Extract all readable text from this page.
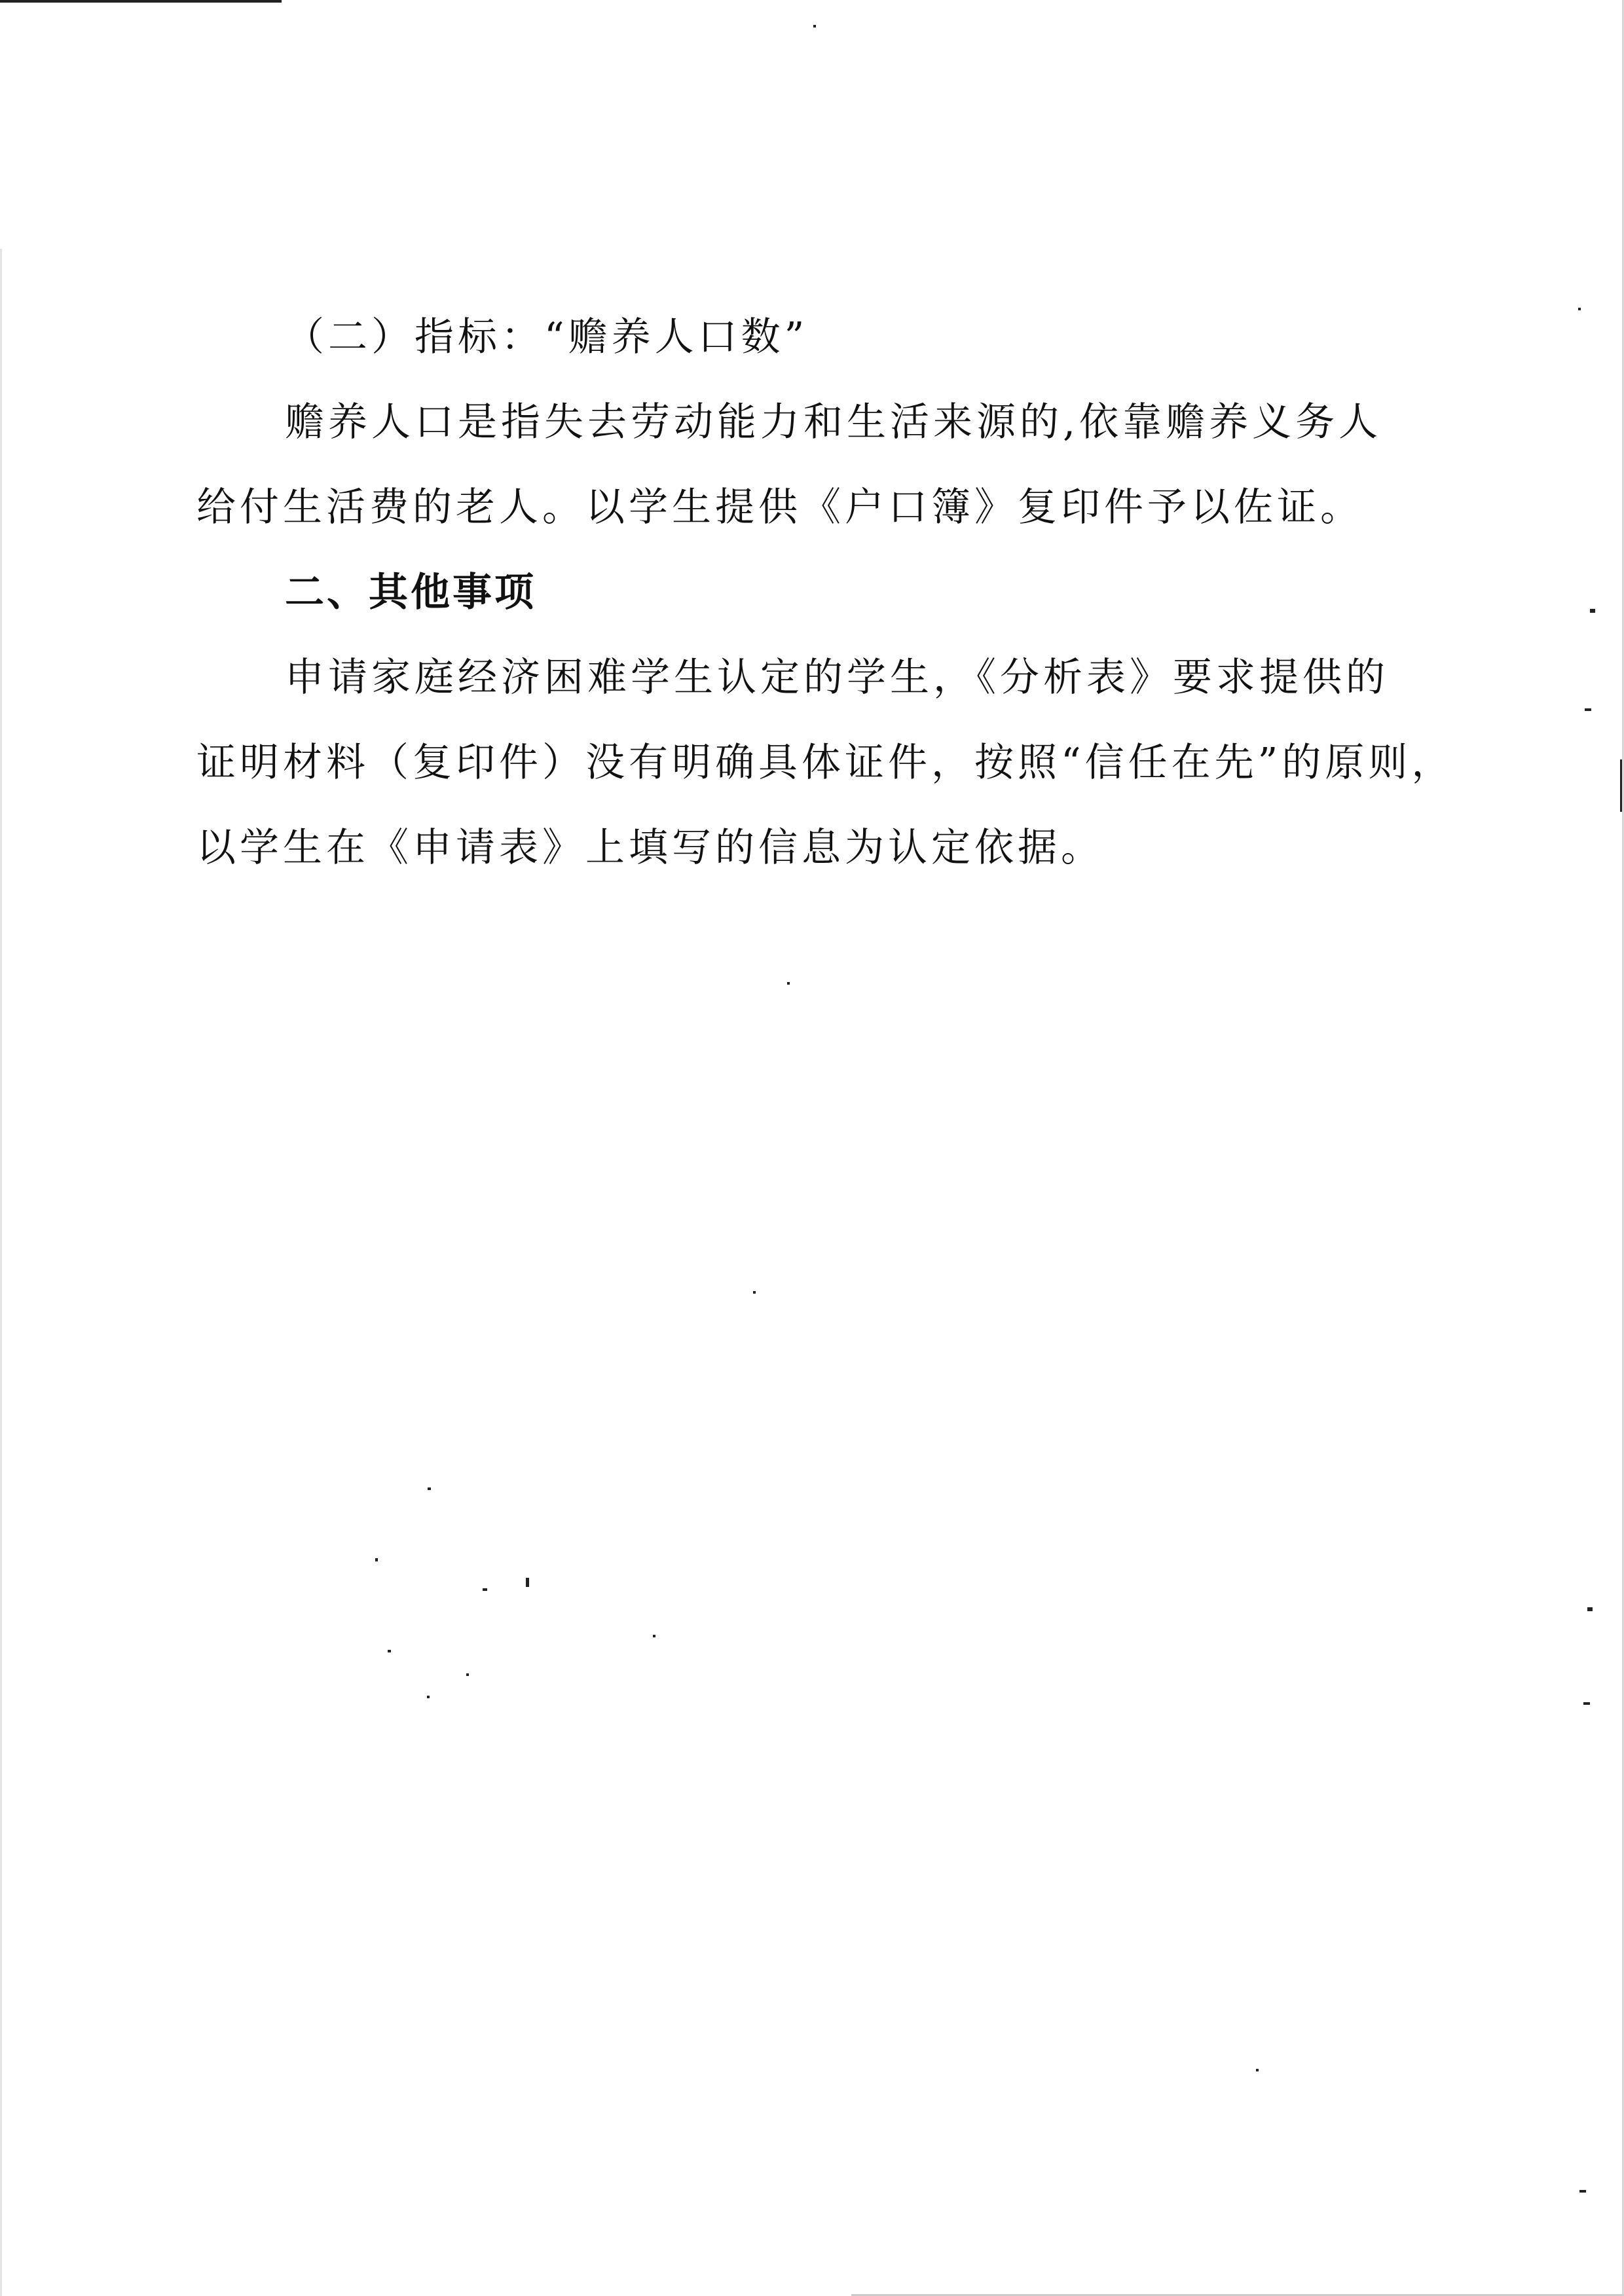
（二）指标：“赡养人口数”
赡养人口是指失去劳动能力和生活来源的,依靠赡养义务人
给付生活费的老人。以学生提供《户口簿》复印件予以佐证。
二、其他事项
申请家庭经济困难学生认定的学生，《分析表》要求提供的
证明材料（复印件）没有明确具体证件，按照“信任在先”的原则，
以学生在《申请表》上填写的信息为认定依据。
